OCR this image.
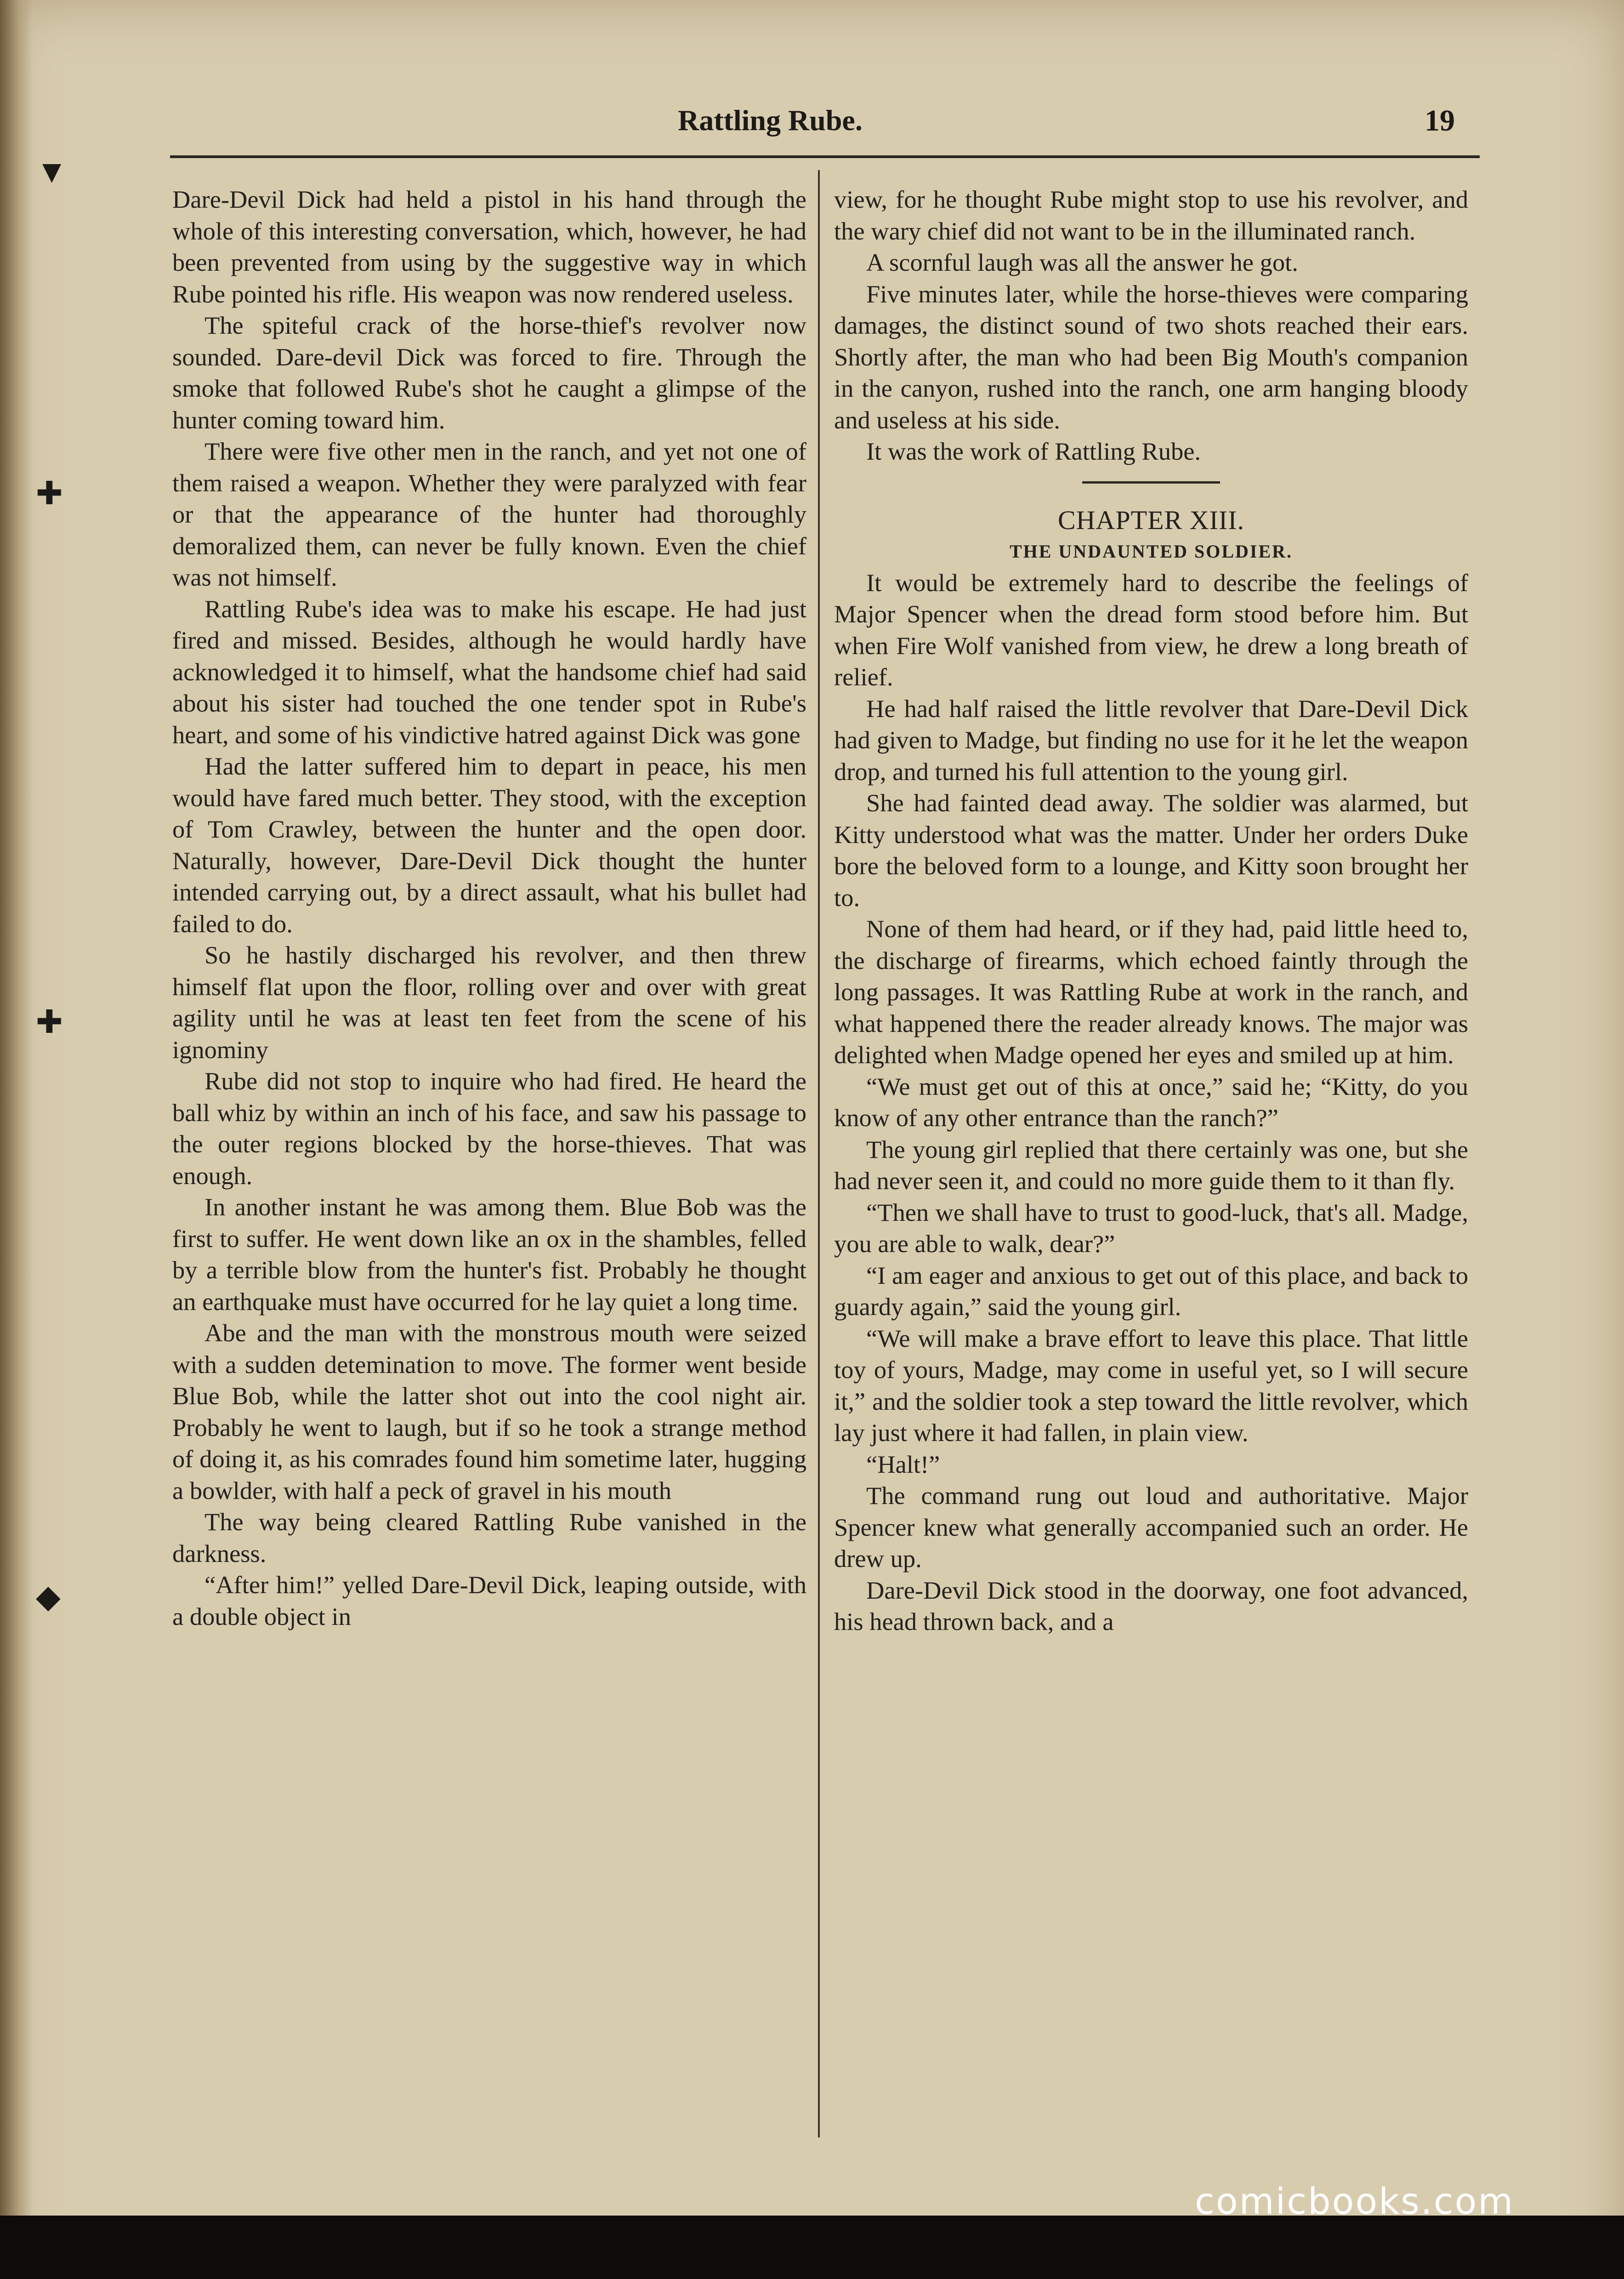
▼
✚
✚
◆
Rattling Rube.	19

Dare-Devil Dick had held a pistol in his hand through the whole of this interesting conversation, which, however, he had been prevented from using by the suggestive way in which Rube pointed his rifle. His weapon was now rendered useless.

The spiteful crack of the horse-thief's revolver now sounded. Dare-devil Dick was forced to fire. Through the smoke that followed Rube's shot he caught a glimpse of the hunter coming toward him.

There were five other men in the ranch, and yet not one of them raised a weapon. Whether they were paralyzed with fear or that the appearance of the hunter had thoroughly demoralized them, can never be fully known. Even the chief was not himself.

Rattling Rube's idea was to make his escape. He had just fired and missed. Besides, although he would hardly have acknowledged it to himself, what the handsome chief had said about his sister had touched the one tender spot in Rube's heart, and some of his vindictive hatred against Dick was gone

Had the latter suffered him to depart in peace, his men would have fared much better. They stood, with the exception of Tom Crawley, between the hunter and the open door. Naturally, however, Dare-Devil Dick thought the hunter intended carrying out, by a direct assault, what his bullet had failed to do.

So he hastily discharged his revolver, and then threw himself flat upon the floor, rolling over and over with great agility until he was at least ten feet from the scene of his ignominy

Rube did not stop to inquire who had fired. He heard the ball whiz by within an inch of his face, and saw his passage to the outer regions blocked by the horse-thieves. That was enough.

In another instant he was among them. Blue Bob was the first to suffer. He went down like an ox in the shambles, felled by a terrible blow from the hunter's fist. Probably he thought an earthquake must have occurred for he lay quiet a long time.

Abe and the man with the monstrous mouth were seized with a sudden detemination to move. The former went beside Blue Bob, while the latter shot out into the cool night air. Probably he went to laugh, but if so he took a strange method of doing it, as his comrades found him sometime later, hugging a bowlder, with half a peck of gravel in his mouth

The way being cleared Rattling Rube vanished in the darkness.

“After him!” yelled Dare-Devil Dick, leaping outside, with a double object in

view, for he thought Rube might stop to use his revolver, and the wary chief did not want to be in the illuminated ranch.

A scornful laugh was all the answer he got.

Five minutes later, while the horse-thieves were comparing damages, the distinct sound of two shots reached their ears. Shortly after, the man who had been Big Mouth's companion in the canyon, rushed into the ranch, one arm hanging bloody and useless at his side.

It was the work of Rattling Rube.

CHAPTER XIII.
THE UNDAUNTED SOLDIER.

It would be extremely hard to describe the feelings of Major Spencer when the dread form stood before him. But when Fire Wolf vanished from view, he drew a long breath of relief.

He had half raised the little revolver that Dare-Devil Dick had given to Madge, but finding no use for it he let the weapon drop, and turned his full attention to the young girl.

She had fainted dead away. The soldier was alarmed, but Kitty understood what was the matter. Under her orders Duke bore the beloved form to a lounge, and Kitty soon brought her to.

None of them had heard, or if they had, paid little heed to, the discharge of firearms, which echoed faintly through the long passages. It was Rattling Rube at work in the ranch, and what happened there the reader already knows. The major was delighted when Madge opened her eyes and smiled up at him.

“We must get out of this at once,” said he; “Kitty, do you know of any other entrance than the ranch?”

The young girl replied that there certainly was one, but she had never seen it, and could no more guide them to it than fly.

“Then we shall have to trust to good-luck, that's all. Madge, you are able to walk, dear?”

“I am eager and anxious to get out of this place, and back to guardy again,” said the young girl.

“We will make a brave effort to leave this place. That little toy of yours, Madge, may come in useful yet, so I will secure it,” and the soldier took a step toward the little revolver, which lay just where it had fallen, in plain view.

“Halt!”

The command rung out loud and authoritative. Major Spencer knew what generally accompanied such an order. He drew up.

Dare-Devil Dick stood in the doorway, one foot advanced, his head thrown back, and a

comicbooks.com
